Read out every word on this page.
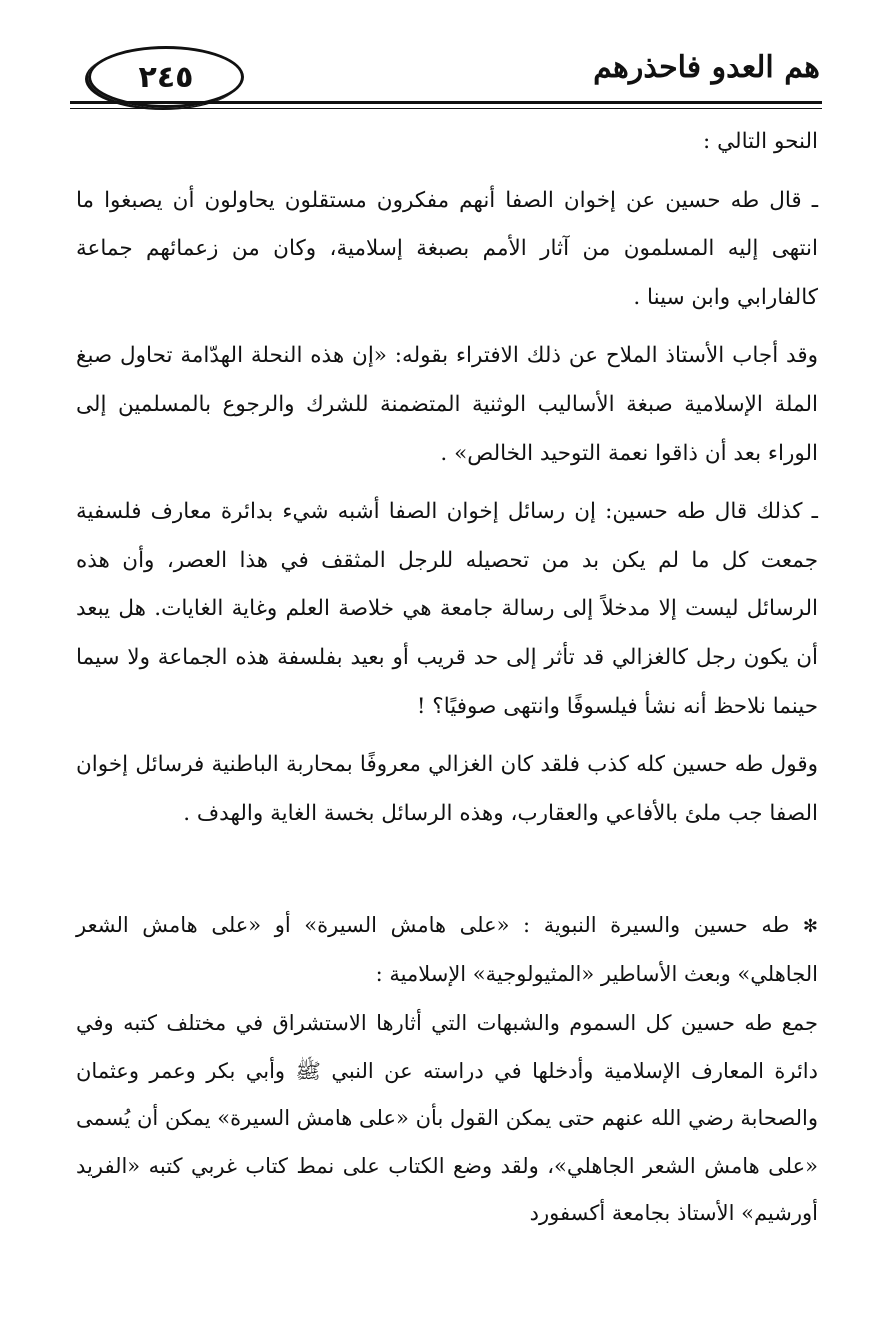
٢٤٥	هم العدو فاحذرهم

النحو التالي :

ـ قال طه حسين عن إخوان الصفا أنهم مفكرون مستقلون يحاولون أن يصبغوا ما انتهى إليه المسلمون من آثار الأمم بصبغة إسلامية، وكان من زعمائهم جماعة كالفارابي وابن سينا .

وقد أجاب الأستاذ الملاح عن ذلك الافتراء بقوله: «إن هذه النحلة الهدّامة تحاول صبغ الملة الإسلامية صبغة الأساليب الوثنية المتضمنة للشرك والرجوع بالمسلمين إلى الوراء بعد أن ذاقوا نعمة التوحيد الخالص» .

ـ كذلك قال طه حسين: إن رسائل إخوان الصفا أشبه شيء بدائرة معارف فلسفية جمعت كل ما لم يكن بد من تحصيله للرجل المثقف في هذا العصر، وأن هذه الرسائل ليست إلا مدخلاً إلى رسالة جامعة هي خلاصة العلم وغاية الغايات. هل يبعد أن يكون رجل كالغزالي قد تأثر إلى حد قريب أو بعيد بفلسفة هذه الجماعة ولا سيما حينما نلاحظ أنه نشأ فيلسوفًا وانتهى صوفيًا؟ !

وقول طه حسين كله كذب فلقد كان الغزالي معروفًا بمحاربة الباطنية فرسائل إخوان الصفا جب ملئ بالأفاعي والعقارب، وهذه الرسائل بخسة الغاية والهدف .

✻ طه حسين والسيرة النبوية : «على هامش السيرة» أو «على هامش الشعر الجاهلي» وبعث الأساطير «المثيولوجية» الإسلامية :

جمع طه حسين كل السموم والشبهات التي أثارها الاستشراق في مختلف كتبه وفي دائرة المعارف الإسلامية وأدخلها في دراسته عن النبي ﷺ وأبي بكر وعمر وعثمان والصحابة رضي الله عنهم حتى يمكن القول بأن «على هامش السيرة» يمكن أن يُسمى «على هامش الشعر الجاهلي»، ولقد وضع الكتاب على نمط كتاب غربي كتبه «الفريد أورشيم» الأستاذ بجامعة أكسفورد
